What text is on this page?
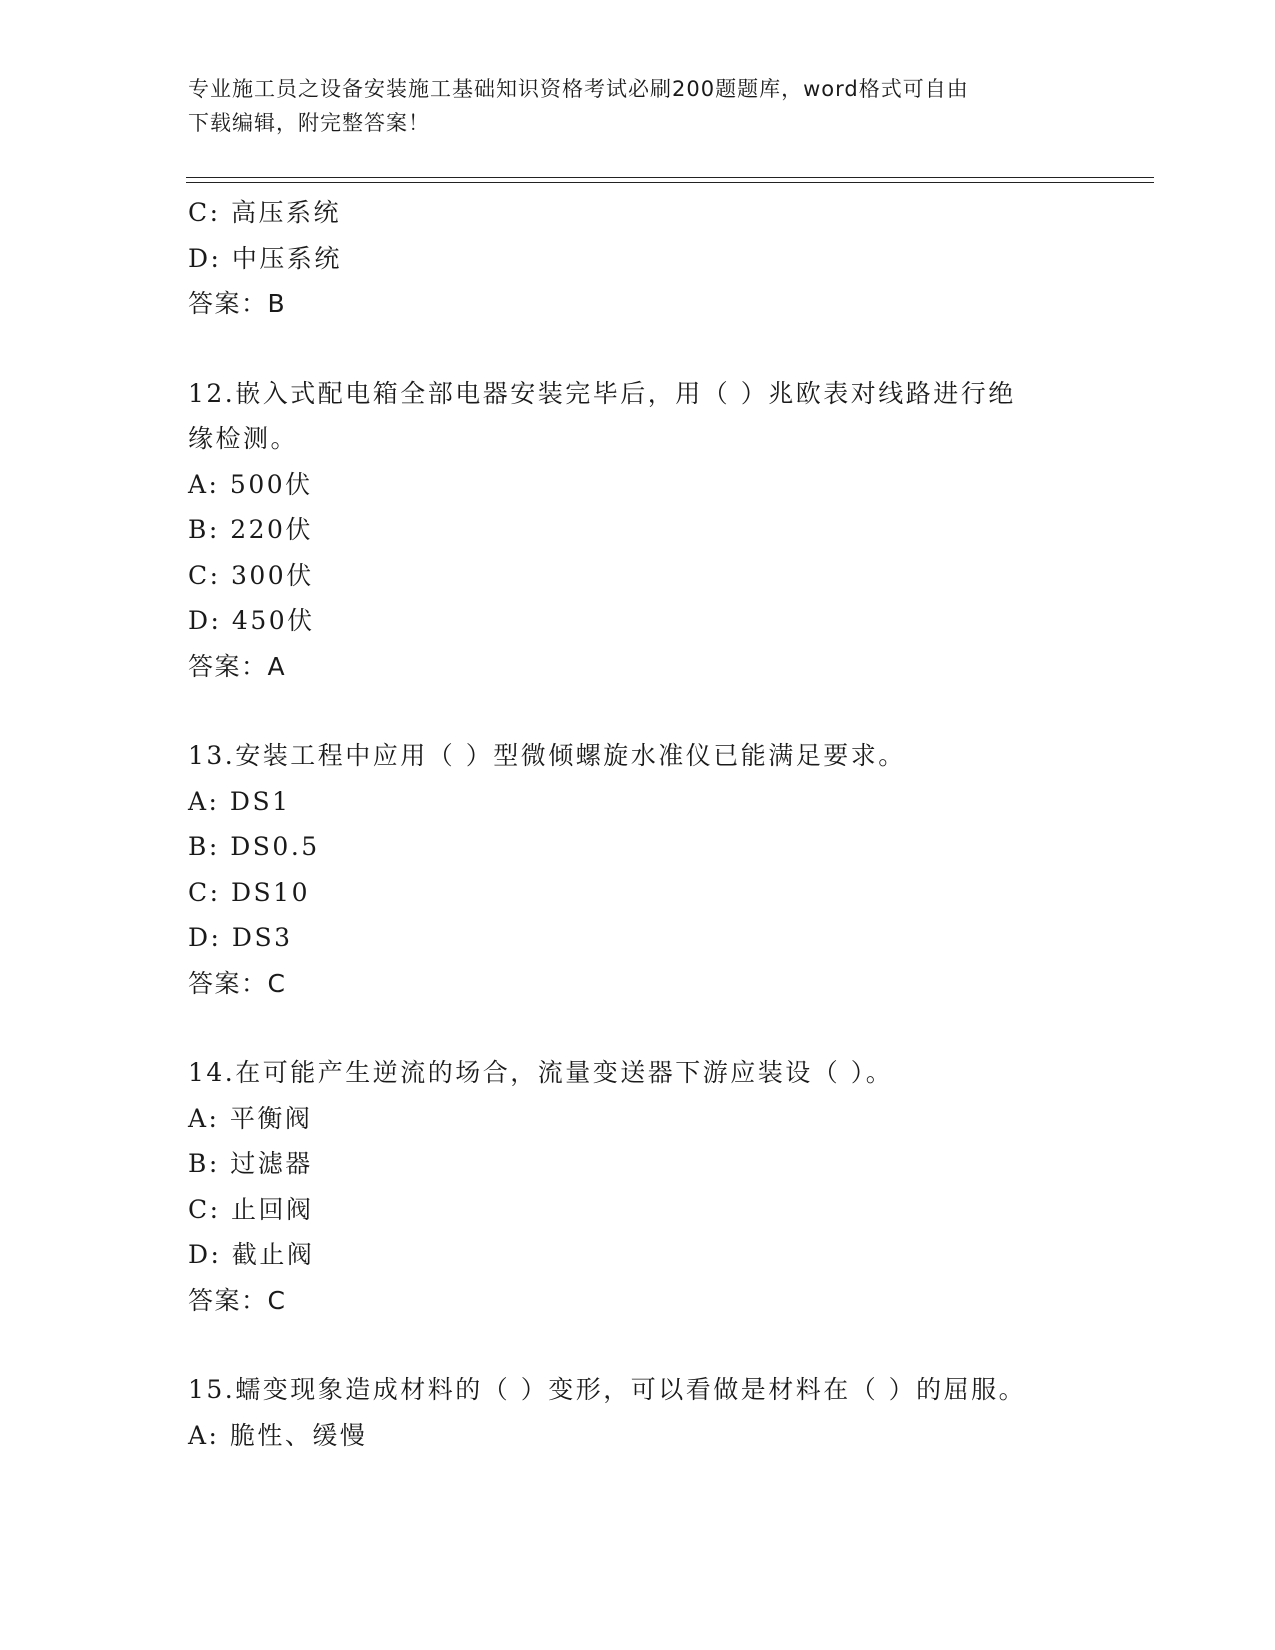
专业施工员之设备安装施工基础知识资格考试必刷200题题库，word格式可自由
下载编辑，附完整答案！
C: 高压系统
D: 中压系统
答案：B
12.嵌入式配电箱全部电器安装完毕后，用（ ）兆欧表对线路进行绝
缘检测。
A: 500伏
B: 220伏
C: 300伏
D: 450伏
答案：A
13.安装工程中应用（ ）型微倾螺旋水准仪已能满足要求。
A: DS1
B: DS0.5
C: DS10
D: DS3
答案：C
14.在可能产生逆流的场合，流量变送器下游应装设（ ）。
A: 平衡阀
B: 过滤器
C: 止回阀
D: 截止阀
答案：C
15.蠕变现象造成材料的（ ）变形，可以看做是材料在（ ）的屈服。
A: 脆性、缓慢
